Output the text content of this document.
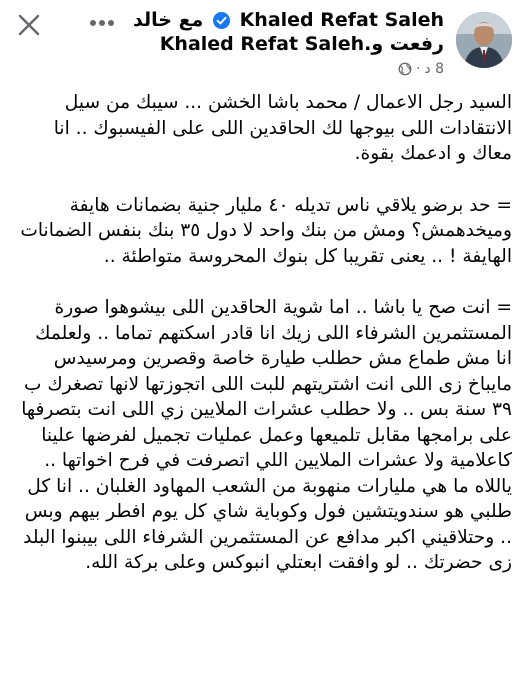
Khaled Refat Saleh  مع خالد
رفعت وKhaled Refat Saleh.
8 د
·

السيد رجل الاعمال / محمد باشا الخشن ... سيبك من سيل الانتقادات اللى بيوجها لك الحاقدين اللى على الفيسبوك .. انا معاك و ادعمك بقوة.

= حد برضو يلاقي ناس تديله ٤٠ مليار جنية بضمانات هايفة وميخدهمش؟ ومش من بنك واحد لا دول ٣٥ بنك بنفس الضمانات الهايفة ! .. يعنى تقريبا كل بنوك المحروسة متواطئة ..

= انت صح يا باشا .. اما شوية الحاقدين اللى بيشوهوا صورة المستثمرين الشرفاء اللى زيك انا قادر اسكتهم تماما .. ولعلمك انا مش طماع مش حطلب طيارة خاصة وقصرين ومرسيدس مايباخ زى اللى انت اشتريتهم للبت اللى اتجوزتها لانها تصغرك ب ٣٩ سنة بس .. ولا حطلب عشرات الملايين زي اللى انت بتصرفها على برامجها مقابل تلميعها وعمل عمليات تجميل لفرضها علينا كاعلامية ولا عشرات الملايين اللي اتصرفت في فرح اخواتها .. ياللاه ما هي مليارات منهوبة من الشعب المهاود الغلبان .. انا كل طلبي هو سندويتشين فول وكوباية شاي كل يوم افطر بيهم وبس .. وحتلاقيني اكبر مدافع عن المستثمرين الشرفاء اللى بيبنوا البلد زى حضرتك .. لو وافقت ابعتلي انبوكس وعلى بركة الله.
